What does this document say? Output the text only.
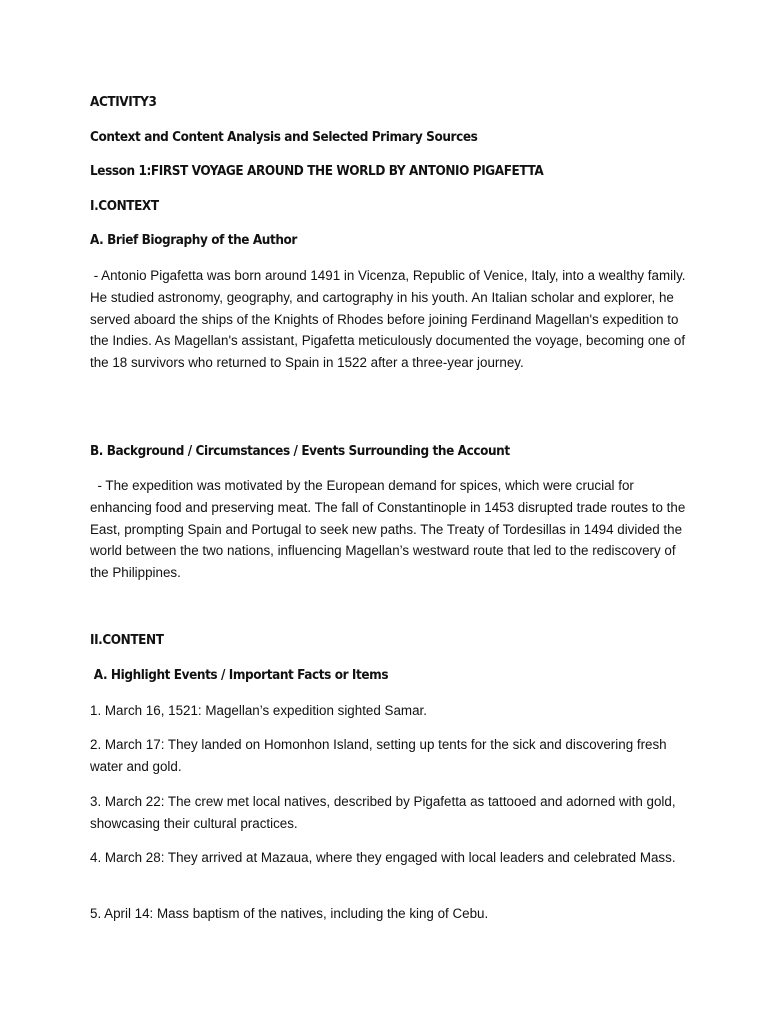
ACTIVITY3

Context and Content Analysis and Selected Primary Sources

Lesson 1:FIRST VOYAGE AROUND THE WORLD BY ANTONIO PIGAFETTA

I.CONTEXT

A. Brief Biography of the Author

- Antonio Pigafetta was born around 1491 in Vicenza, Republic of Venice, Italy, into a wealthy family. He studied astronomy, geography, and cartography in his youth. An Italian scholar and explorer, he served aboard the ships of the Knights of Rhodes before joining Ferdinand Magellan's expedition to the Indies. As Magellan's assistant, Pigafetta meticulously documented the voyage, becoming one of the 18 survivors who returned to Spain in 1522 after a three-year journey.

B. Background / Circumstances / Events Surrounding the Account

- The expedition was motivated by the European demand for spices, which were crucial for enhancing food and preserving meat. The fall of Constantinople in 1453 disrupted trade routes to the East, prompting Spain and Portugal to seek new paths. The Treaty of Tordesillas in 1494 divided the world between the two nations, influencing Magellan’s westward route that led to the rediscovery of the Philippines.

II.CONTENT

A. Highlight Events / Important Facts or Items

1. March 16, 1521: Magellan’s expedition sighted Samar.

2. March 17: They landed on Homonhon Island, setting up tents for the sick and discovering fresh water and gold.

3. March 22: The crew met local natives, described by Pigafetta as tattooed and adorned with gold, showcasing their cultural practices.

4. March 28: They arrived at Mazaua, where they engaged with local leaders and celebrated Mass.

5. April 14: Mass baptism of the natives, including the king of Cebu.
